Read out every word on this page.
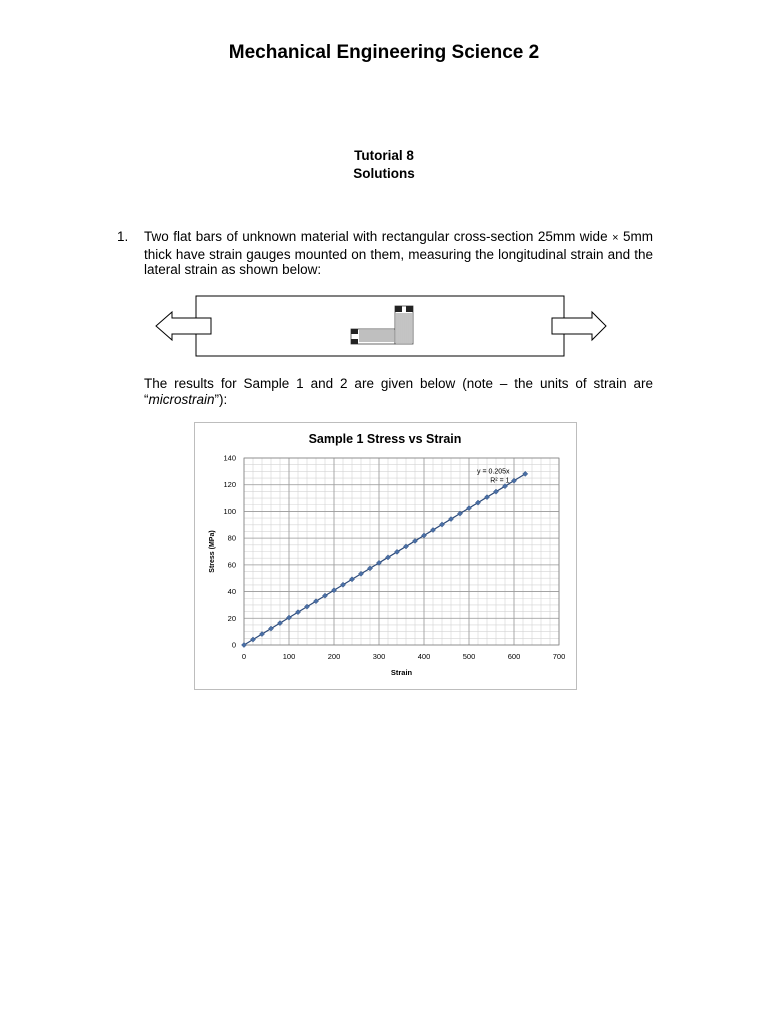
Mechanical Engineering Science 2
Tutorial 8
Solutions
1. Two flat bars of unknown material with rectangular cross-section 25mm wide × 5mm thick have strain gauges mounted on them, measuring the longitudinal strain and the lateral strain as shown below:
The results for Sample 1 and 2 are given below (note – the units of strain are “microstrain”):
Sample 1 Stress vs Strain
0	100	200	300	400	500	600	700
0
20
40
60
80
100
120
140
y = 0.205x
R² = 1
Strain
Stress (MPa)
